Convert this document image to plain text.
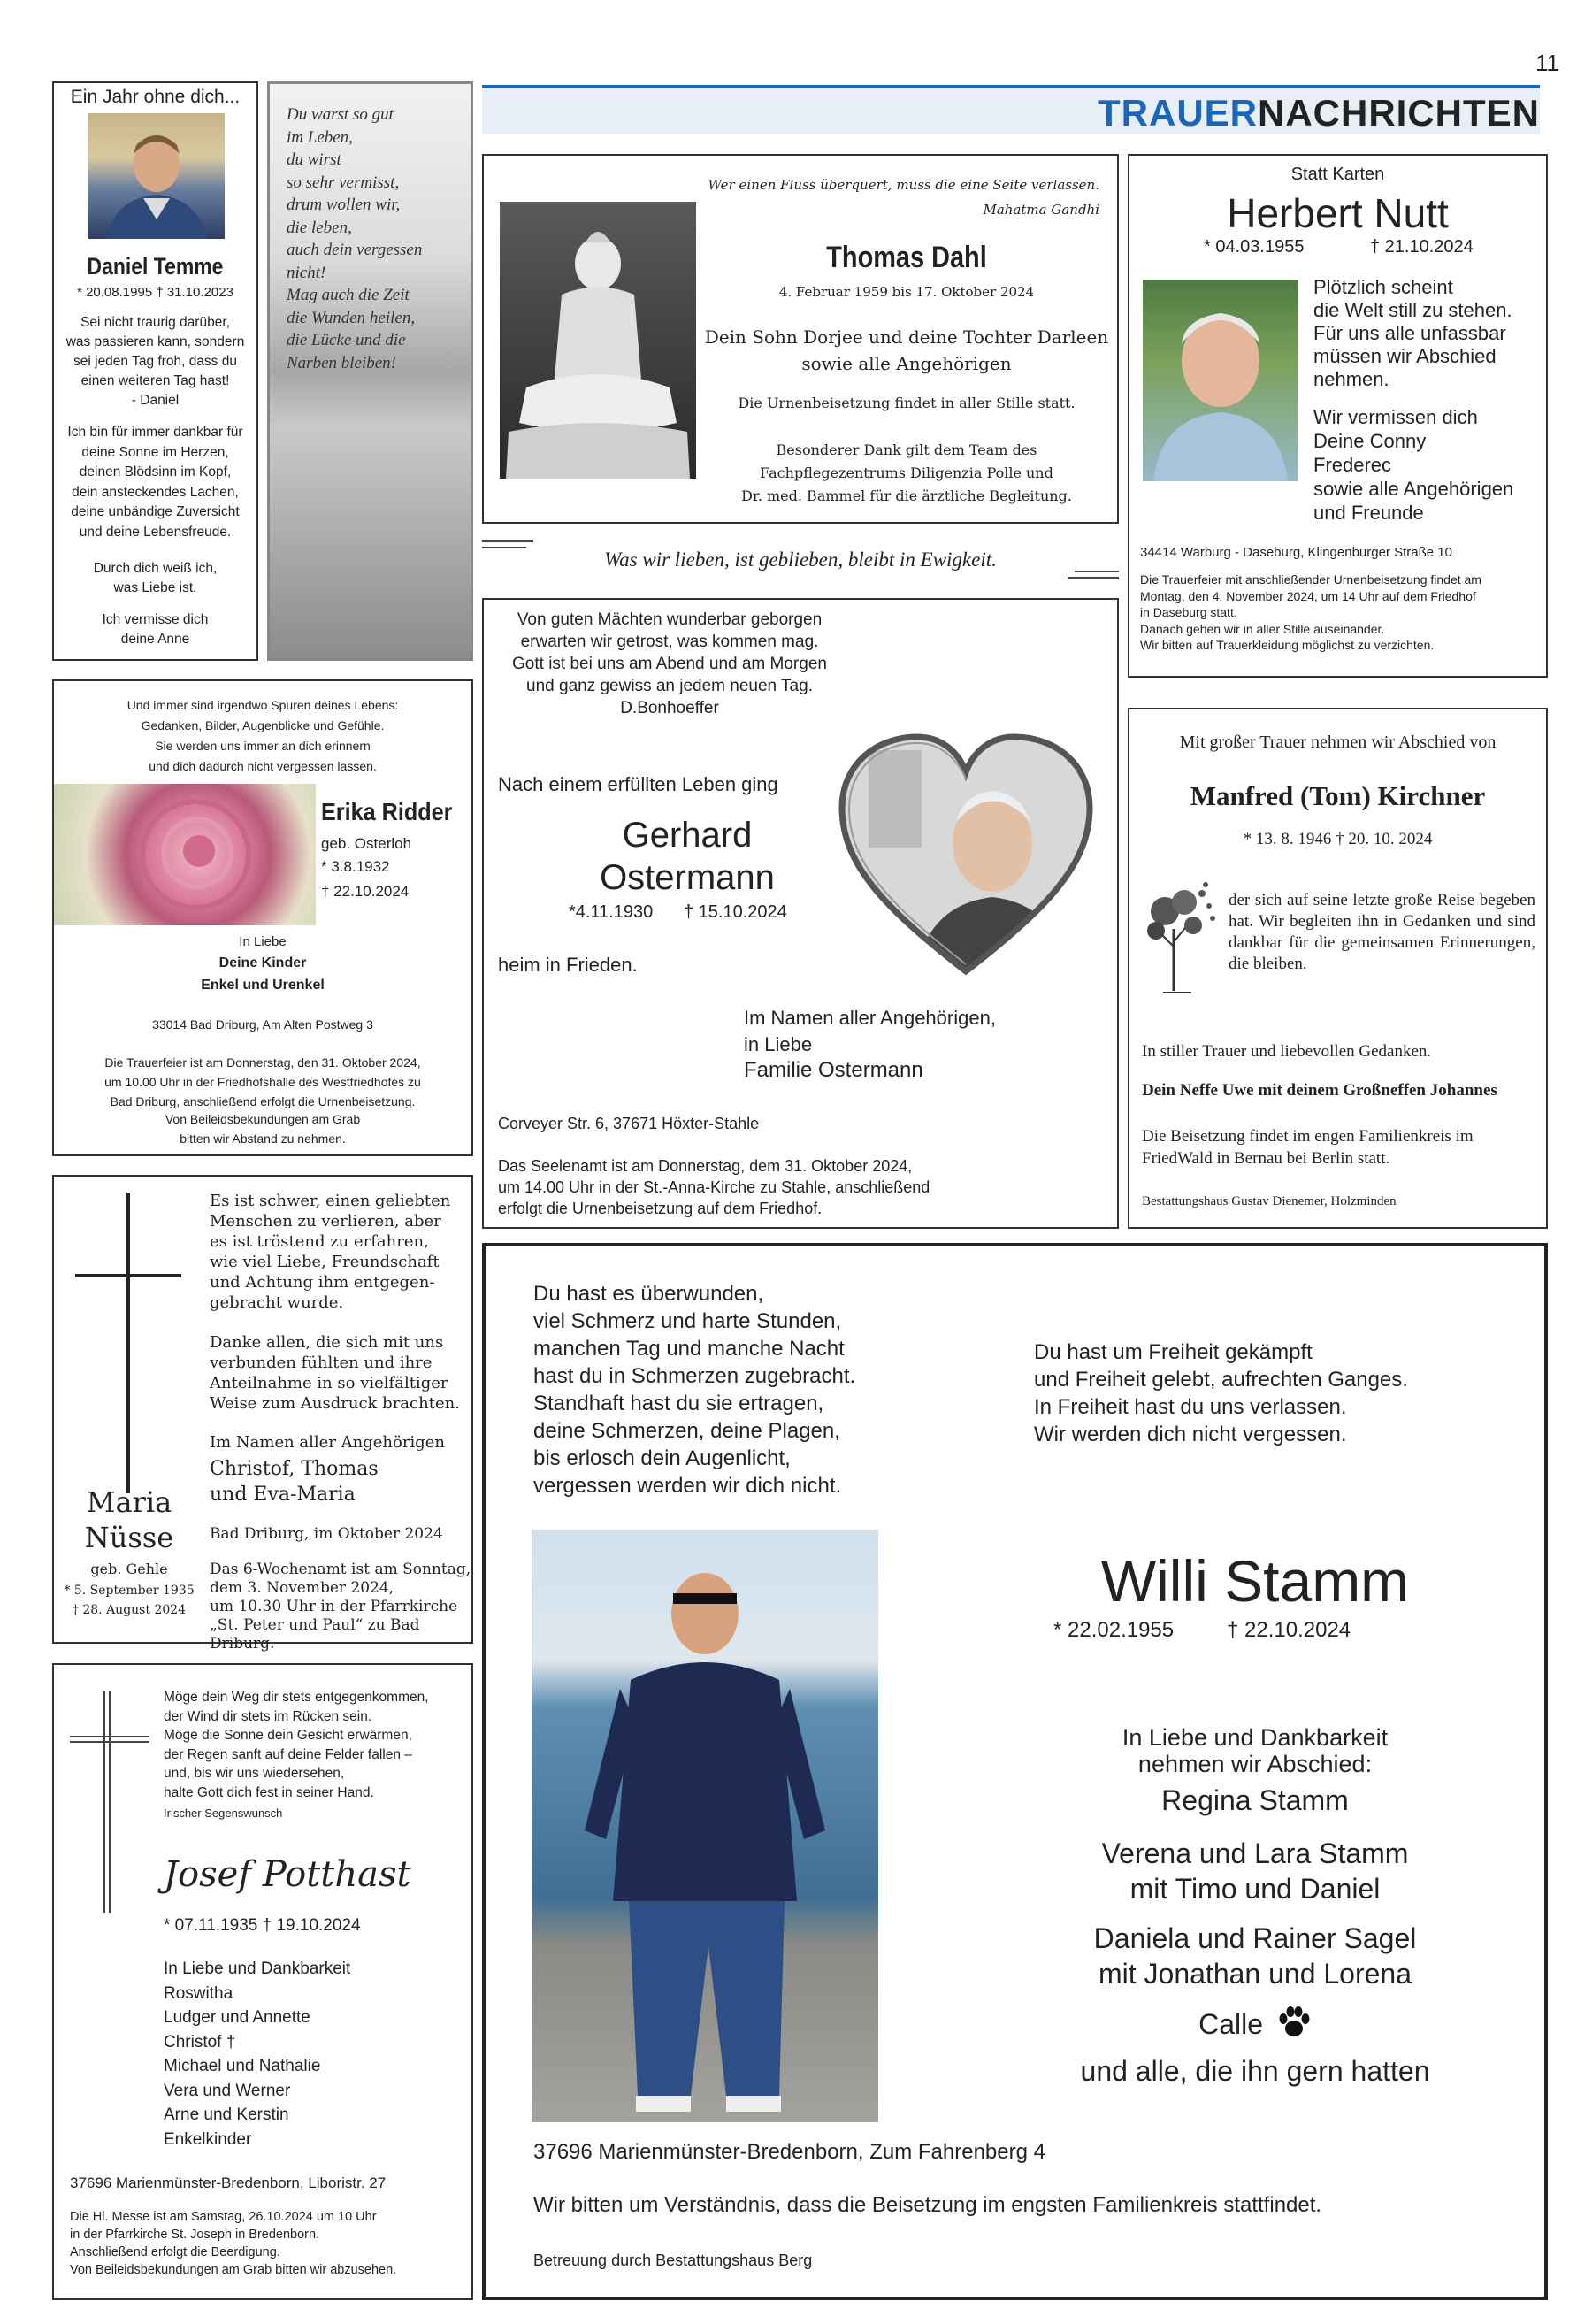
11
TRAUERNACHRICHTEN
Ein Jahr ohne dich...
Daniel Temme
* 20.08.1995 † 31.10.2023
Sei nicht traurig darüber,
was passieren kann, sondern
sei jeden Tag froh, dass du
einen weiteren Tag hast!
- Daniel
Ich bin für immer dankbar für
deine Sonne im Herzen,
deinen Blödsinn im Kopf,
dein ansteckendes Lachen,
deine unbändige Zuversicht
und deine Lebensfreude.
Durch dich weiß ich,
was Liebe ist.
Ich vermisse dich
deine Anne
Du warst so gut
im Leben,
du wirst
so sehr vermisst,
drum wollen wir,
die leben,
auch dein vergessen
nicht!
Mag auch die Zeit
die Wunden heilen,
die Lücke und die
Narben bleiben!
Wer einen Fluss überquert, muss die eine Seite verlassen.
Mahatma Gandhi
Thomas Dahl
4. Februar 1959 bis 17. Oktober 2024
Dein Sohn Dorjee und deine Tochter Darleen
sowie alle Angehörigen
Die Urnenbeisetzung findet in aller Stille statt.
Besonderer Dank gilt dem Team des
Fachpflegezentrums Diligenzia Polle und
Dr. med. Bammel für die ärztliche Begleitung.
Was wir lieben, ist geblieben, bleibt in Ewigkeit.
Statt Karten
Herbert Nutt
* 04.03.1955	† 21.10.2024
Plötzlich scheint
die Welt still zu stehen.
Für uns alle unfassbar
müssen wir Abschied
nehmen.
Wir vermissen dich
Deine Conny
Frederec
sowie alle Angehörigen
und Freunde
34414 Warburg - Daseburg, Klingenburger Straße 10
Die Trauerfeier mit anschließender Urnenbeisetzung findet am
Montag, den 4. November 2024, um 14 Uhr auf dem Friedhof
in Daseburg statt.
Danach gehen wir in aller Stille auseinander.
Wir bitten auf Trauerkleidung möglichst zu verzichten.
Und immer sind irgendwo Spuren deines Lebens:
Gedanken, Bilder, Augenblicke und Gefühle.
Sie werden uns immer an dich erinnern
und dich dadurch nicht vergessen lassen.
Erika Ridder
geb. Osterloh
* 3.8.1932
† 22.10.2024
In Liebe
Deine Kinder
Enkel und Urenkel
33014 Bad Driburg, Am Alten Postweg 3
Die Trauerfeier ist am Donnerstag, den 31. Oktober 2024,
um 10.00 Uhr in der Friedhofshalle des Westfriedhofes zu
Bad Driburg, anschließend erfolgt die Urnenbeisetzung.
Von Beileidsbekundungen am Grab
bitten wir Abstand zu nehmen.
Von guten Mächten wunderbar geborgen
erwarten wir getrost, was kommen mag.
Gott ist bei uns am Abend und am Morgen
und ganz gewiss an jedem neuen Tag.
D.Bonhoeffer
Nach einem erfüllten Leben ging
Gerhard
Ostermann
*4.11.1930 † 15.10.2024
heim in Frieden.
Im Namen aller Angehörigen,
in Liebe
Familie Ostermann
Corveyer Str. 6, 37671 Höxter-Stahle
Das Seelenamt ist am Donnerstag, dem 31. Oktober 2024,
um 14.00 Uhr in der St.-Anna-Kirche zu Stahle, anschließend
erfolgt die Urnenbeisetzung auf dem Friedhof.
Mit großer Trauer nehmen wir Abschied von
Manfred (Tom) Kirchner
* 13. 8. 1946 † 20. 10. 2024
der sich auf seine letzte große Reise begeben hat. Wir begleiten ihn in Gedanken und sind dankbar für die gemeinsamen Erinnerungen, die bleiben.
In stiller Trauer und liebevollen Gedanken.
Dein Neffe Uwe mit deinem Großneffen Johannes
Die Beisetzung findet im engen Familienkreis im
FriedWald in Bernau bei Berlin statt.
Bestattungshaus Gustav Dienemer, Holzminden
Es ist schwer, einen geliebten
Menschen zu verlieren, aber
es ist tröstend zu erfahren,
wie viel Liebe, Freundschaft
und Achtung ihm entgegen-
gebracht wurde.
Danke allen, die sich mit uns
verbunden fühlten und ihre
Anteilnahme in so vielfältiger
Weise zum Ausdruck brachten.
Im Namen aller Angehörigen
Christof, Thomas
und Eva-Maria
Bad Driburg, im Oktober 2024
Das 6-Wochenamt ist am Sonntag,
dem 3. November 2024,
um 10.30 Uhr in der Pfarrkirche
„St. Peter und Paul“ zu Bad Driburg.
Maria
Nüsse
geb. Gehle
* 5. September 1935
† 28. August 2024
Möge dein Weg dir stets entgegenkommen,
der Wind dir stets im Rücken sein.
Möge die Sonne dein Gesicht erwärmen,
der Regen sanft auf deine Felder fallen –
und, bis wir uns wiedersehen,
halte Gott dich fest in seiner Hand.
Irischer Segenswunsch
Josef Potthast
* 07.11.1935 † 19.10.2024
In Liebe und Dankbarkeit
Roswitha
Ludger und Annette
Christof †
Michael und Nathalie
Vera und Werner
Arne und Kerstin
Enkelkinder
37696 Marienmünster-Bredenborn, Liboristr. 27
Die Hl. Messe ist am Samstag, 26.10.2024 um 10 Uhr
in der Pfarrkirche St. Joseph in Bredenborn.
Anschließend erfolgt die Beerdigung.
Von Beileidsbekundungen am Grab bitten wir abzusehen.
Du hast es überwunden,
viel Schmerz und harte Stunden,
manchen Tag und manche Nacht
hast du in Schmerzen zugebracht.
Standhaft hast du sie ertragen,
deine Schmerzen, deine Plagen,
bis erlosch dein Augenlicht,
vergessen werden wir dich nicht.
Du hast um Freiheit gekämpft
und Freiheit gelebt, aufrechten Ganges.
In Freiheit hast du uns verlassen.
Wir werden dich nicht vergessen.
Willi Stamm
* 22.02.1955 † 22.10.2024
In Liebe und Dankbarkeit
nehmen wir Abschied:
Regina Stamm
Verena und Lara Stamm
mit Timo und Daniel
Daniela und Rainer Sagel
mit Jonathan und Lorena
Calle
und alle, die ihn gern hatten
37696 Marienmünster-Bredenborn, Zum Fahrenberg 4
Wir bitten um Verständnis, dass die Beisetzung im engsten Familienkreis stattfindet.
Betreuung durch Bestattungshaus Berg
